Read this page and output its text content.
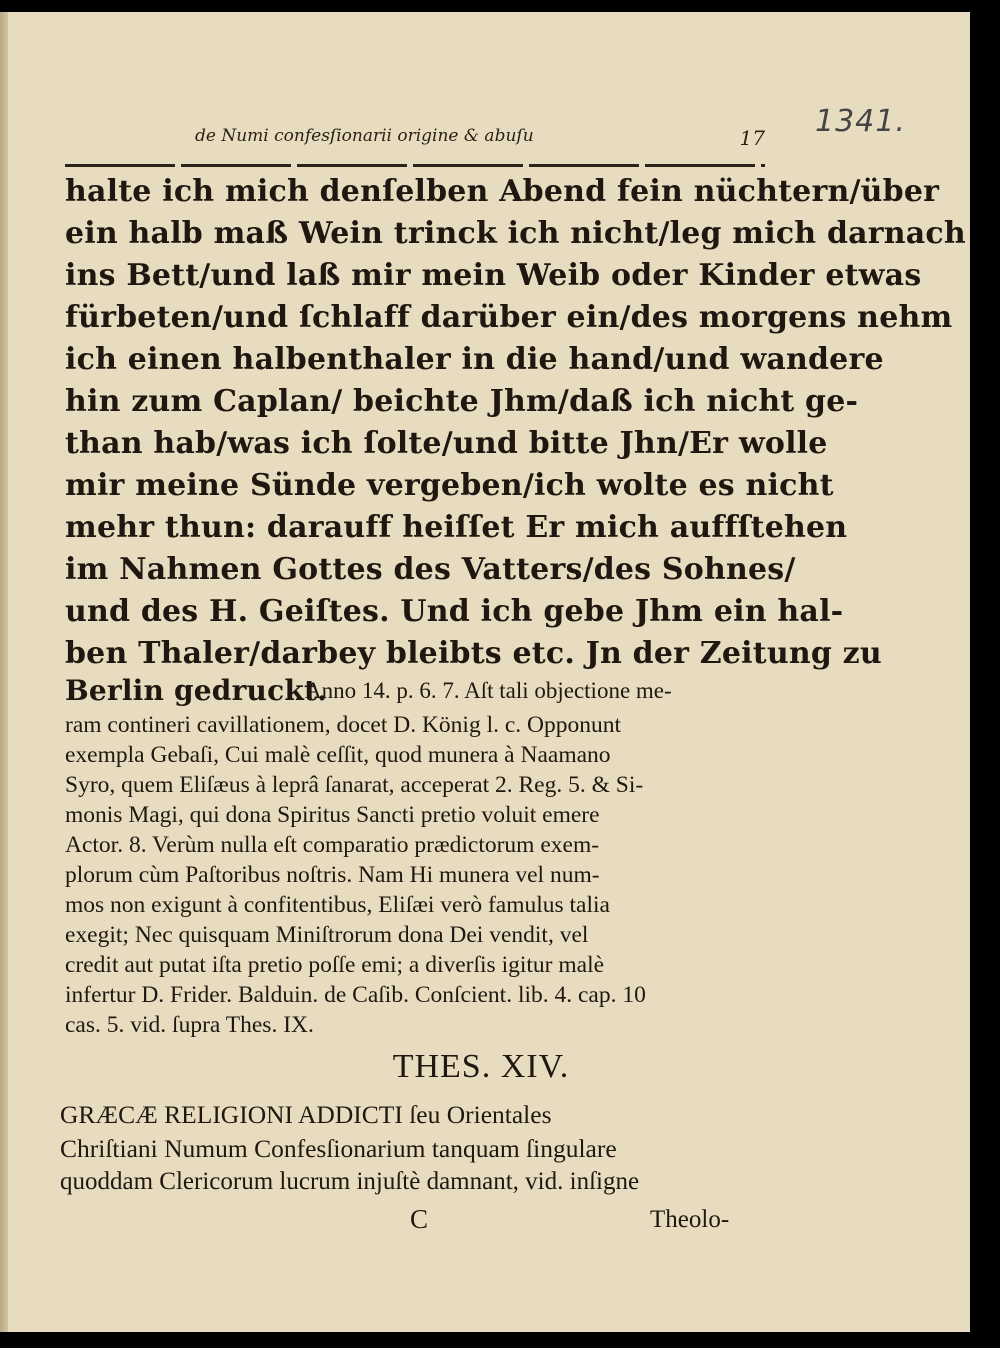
de Numi confesſionarii origine & abuſu	17 1341.
halte ich mich denſelben Abend fein nüchtern/über
ein halb maß Wein trinck ich nicht/leg mich darnach
ins Bett/und laß mir mein Weib oder Kinder etwas
fürbeten/und ſchlaff darüber ein/des morgens nehm
ich einen halbenthaler in die hand/und wandere
hin zum Caplan/ beichte Jhm/daß ich nicht ge-
than hab/was ich ſolte/und bitte Jhn/Er wolle
mir meine Sünde vergeben/ich wolte es nicht
mehr thun: darauff heiſſet Er mich auffſtehen
im Nahmen Gottes des Vatters/des Sohnes/
und des H. Geiſtes. Und ich gebe Jhm ein hal-
ben Thaler/darbey bleibts etc. Jn der Zeitung zu
Berlin gedruckt.
Anno 14. p. 6. 7. Aſt tali objectione me-
ram contineri cavillationem, docet D. König l. c. Opponunt
exempla Gebaſi, Cui malè ceſſit, quod munera à Naamano
Syro, quem Eliſæus à leprâ ſanarat, acceperat 2. Reg. 5. & Si-
monis Magi, qui dona Spiritus Sancti pretio voluit emere
Actor. 8. Verùm nulla eſt comparatio prædictorum exem-
plorum cùm Paſtoribus noſtris. Nam Hi munera vel num-
mos non exigunt à confitentibus, Eliſæi verò famulus talia
exegit; Nec quisquam Miniſtrorum dona Dei vendit, vel
credit aut putat iſta pretio poſſe emi; a diverſis igitur malè
infertur D. Frider. Balduin. de Caſib. Conſcient. lib. 4. cap. 10
cas. 5. vid. ſupra Thes. IX.
THES. XIV.
GRÆCÆ RELIGIONI ADDICTI ſeu Orientales
Chriſtiani Numum Confesſionarium tanquam ſingulare
quoddam Clericorum lucrum injuſtè damnant, vid. inſigne
C	Theolo-
